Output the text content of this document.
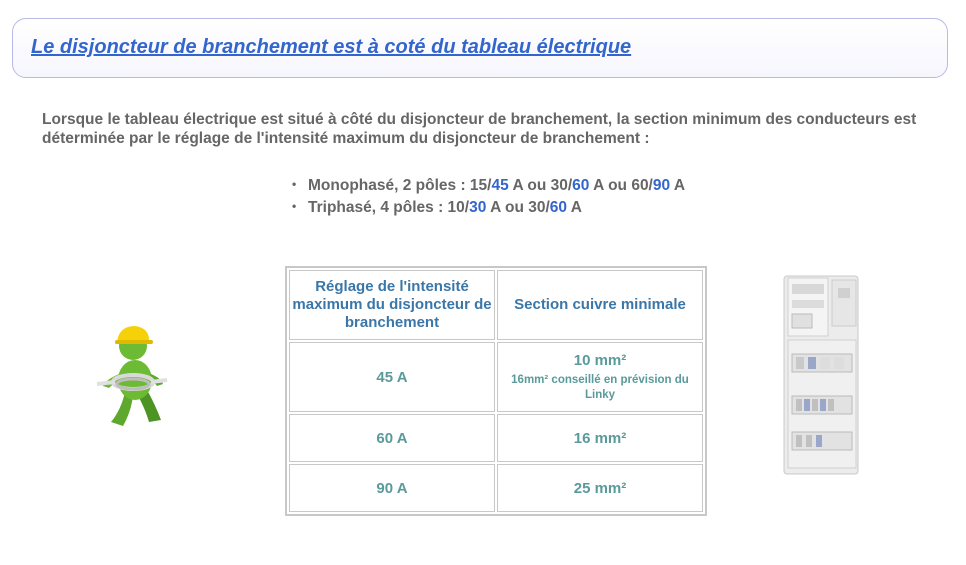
Le disjoncteur de branchement est à coté du tableau électrique
Lorsque le tableau électrique est situé à côté du disjoncteur de branchement, la section minimum des conducteurs est déterminée par le réglage de l'intensité maximum du disjoncteur de branchement :
• Monophasé, 2 pôles : 15/45 A ou 30/60 A ou 60/90 A
• Triphasé, 4 pôles : 10/30 A ou 30/60 A
Réglage de l'intensité maximum du disjoncteur de branchement	Section cuivre minimale
45 A	10 mm²
16mm² conseillé en prévision du Linky

60 A	16 mm²
90 A	25 mm²
